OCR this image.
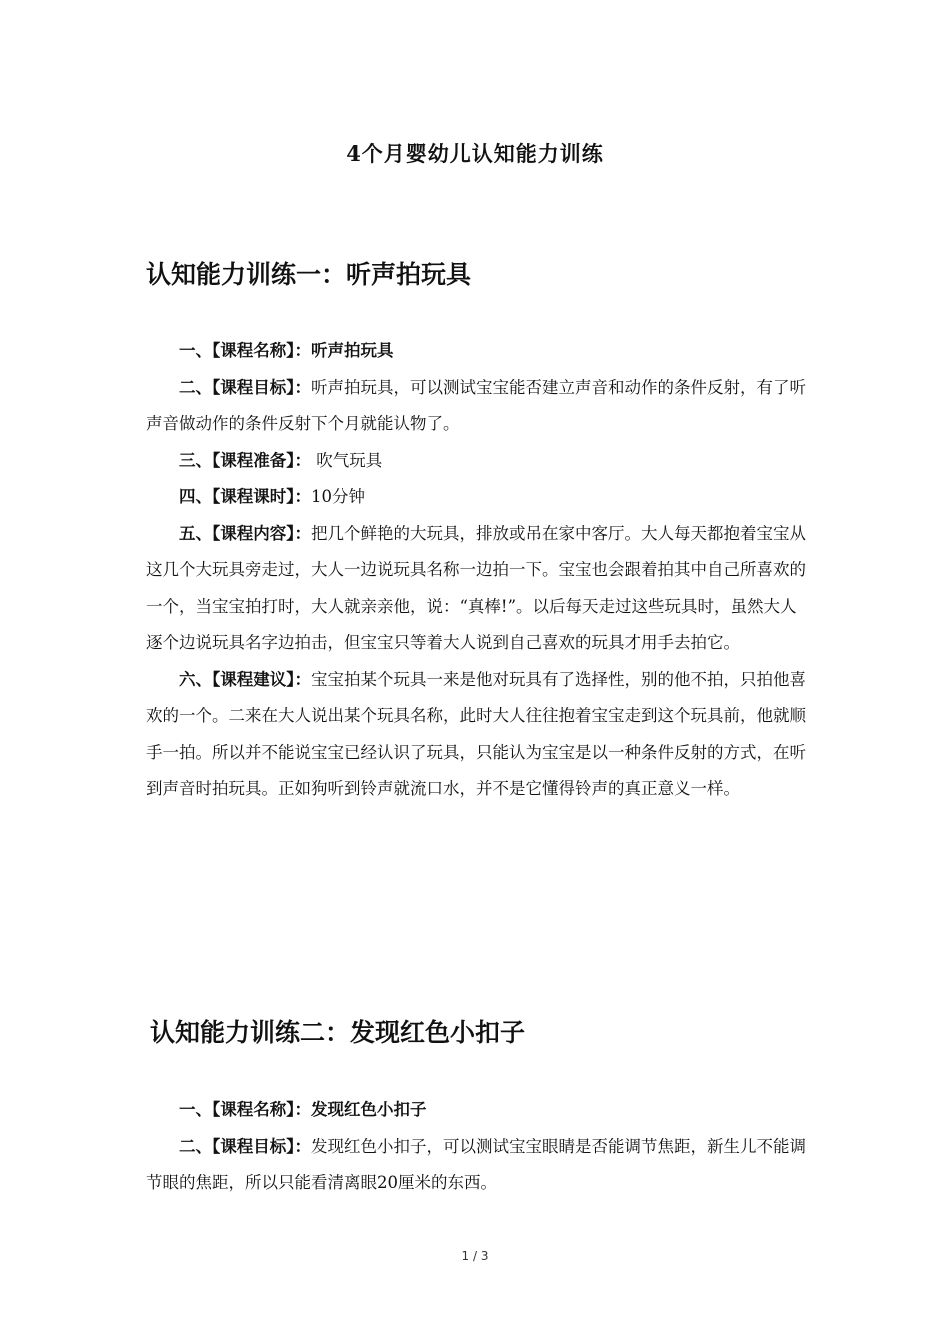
4个月婴幼儿认知能力训练
认知能力训练一：听声拍玩具

一、【课程名称】：听声拍玩具

二、【课程目标】：听声拍玩具，可以测试宝宝能否建立声音和动作的条件反射，有了听声音做动作的条件反射下个月就能认物了。

三、【课程准备】： 吹气玩具

四、【课程课时】：10分钟

五、【课程内容】：把几个鲜艳的大玩具，排放或吊在家中客厅。大人每天都抱着宝宝从这几个大玩具旁走过，大人一边说玩具名称一边拍一下。宝宝也会跟着拍其中自己所喜欢的一个，当宝宝拍打时，大人就亲亲他，说：“真棒!”。以后每天走过这些玩具时，虽然大人逐个边说玩具名字边拍击，但宝宝只等着大人说到自己喜欢的玩具才用手去拍它。

六、【课程建议】：宝宝拍某个玩具一来是他对玩具有了选择性，别的他不拍，只拍他喜欢的一个。二来在大人说出某个玩具名称，此时大人往往抱着宝宝走到这个玩具前，他就顺手一拍。所以并不能说宝宝已经认识了玩具，只能认为宝宝是以一种条件反射的方式，在听到声音时拍玩具。正如狗听到铃声就流口水，并不是它懂得铃声的真正意义一样。

认知能力训练二：发现红色小扣子

一、【课程名称】：发现红色小扣子

二、【课程目标】：发现红色小扣子，可以测试宝宝眼睛是否能调节焦距，新生儿不能调节眼的焦距，所以只能看清离眼20厘米的东西。

1 / 3
